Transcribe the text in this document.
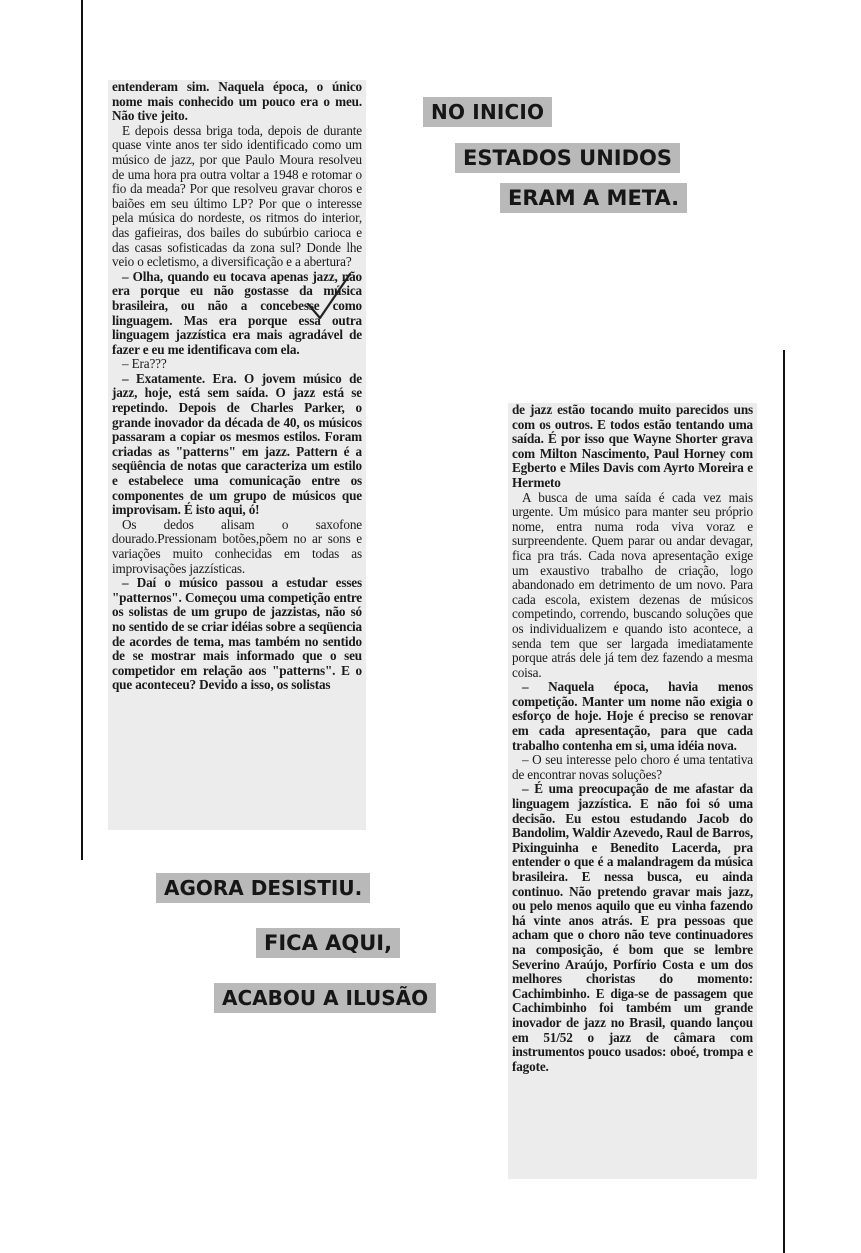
NO INICIO
ESTADOS UNIDOS
ERAM A META.
AGORA DESISTIU.
FICA AQUI,
ACABOU A ILUSÃO

entenderam sim. Naquela época, o único nome mais conhecido um pouco era o meu. Não tive jeito.

E depois dessa briga toda, depois de durante quase vinte anos ter sido identificado como um músico de jazz, por que Paulo Moura resolveu de uma hora pra outra voltar a 1948 e rotomar o fio da meada? Por que resolveu gravar choros e baiões em seu último LP? Por que o interesse pela música do nordeste, os ritmos do interior, das gafieiras, dos bailes do subúrbio carioca e das casas sofisticadas da zona sul? Donde lhe veio o ecletismo, a diversificação e a abertura?

– Olha, quando eu tocava apenas jazz, não era porque eu não gostasse da música brasileira, ou não a concebesse como linguagem. Mas era porque essa outra linguagem jazzística era mais agradável de fazer e eu me identificava com ela.

– Era???

– Exatamente. Era. O jovem músico de jazz, hoje, está sem saída. O jazz está se repetindo. Depois de Charles Parker, o grande inovador da década de 40, os músicos passaram a copiar os mesmos estilos. Foram criadas as "patterns" em jazz. Pattern é a seqüência de notas que caracteriza um estilo e estabelece uma comunicação entre os componentes de um grupo de músicos que improvisam. É isto aqui, ó!

Os dedos alisam o saxofone dourado.Pressionam botões,põem no ar sons e variações muito conhecidas em todas as improvisações jazzísticas.

– Daí o músico passou a estudar esses "patternos". Começou uma competição entre os solistas de um grupo de jazzistas, não só no sentido de se criar idéias sobre a seqüencia de acordes de tema, mas também no sentido de se mostrar mais informado que o seu competidor em relação aos "patterns". E o que aconteceu? Devido a isso, os solistas

de jazz estão tocando muito parecidos uns com os outros. E todos estão tentando uma saída. É por isso que Wayne Shorter grava com Milton Nascimento, Paul Horney com Egberto e Miles Davis com Ayrto Moreira e Hermeto

A busca de uma saída é cada vez mais urgente. Um músico para manter seu próprio nome, entra numa roda viva voraz e surpreendente. Quem parar ou andar devagar, fica pra trás. Cada nova apresentação exige um exaustivo trabalho de criação, logo abandonado em detrimento de um novo. Para cada escola, existem dezenas de músicos competindo, correndo, buscando soluções que os individualizem e quando isto acontece, a senda tem que ser largada imediatamente porque atrás dele já tem dez fazendo a mesma coisa.

– Naquela época, havia menos competição. Manter um nome não exigia o esforço de hoje. Hoje é preciso se renovar em cada apresentação, para que cada trabalho contenha em si, uma idéia nova.

– O seu interesse pelo choro é uma tentativa de encontrar novas soluções?

– É uma preocupação de me afastar da linguagem jazzística. E não foi só uma decisão. Eu estou estudando Jacob do Bandolim, Waldir Azevedo, Raul de Barros, Pixinguinha e Benedito Lacerda, pra entender o que é a malandragem da música brasileira. E nessa busca, eu ainda continuo. Não pretendo gravar mais jazz, ou pelo menos aquilo que eu vinha fazendo há vinte anos atrás. E pra pessoas que acham que o choro não teve continuadores na composição, é bom que se lembre Severino Araújo, Porfírio Costa e um dos melhores choristas do momento: Cachimbinho. E diga-se de passagem que Cachimbinho foi também um grande inovador de jazz no Brasil, quando lançou em 51/52 o jazz de câmara com instrumentos pouco usados: oboé, trompa e fagote.
